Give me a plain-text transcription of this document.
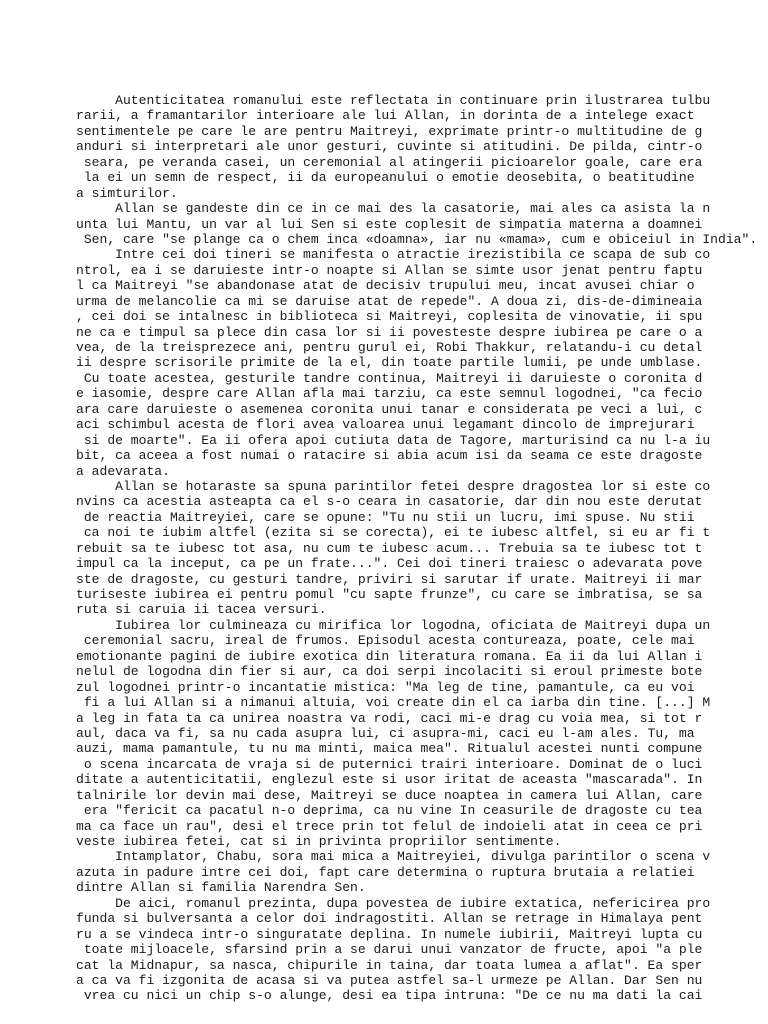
Autenticitatea romanului este reflectata in continuare prin ilustrarea tulbu
rarii, a framantarilor interioare ale lui Allan, in dorinta de a intelege exact
sentimentele pe care le are pentru Maitreyi, exprimate printr-o multitudine de g
anduri si interpretari ale unor gesturi, cuvinte si atitudini. De pilda, cintr-o
seara, pe veranda casei, un ceremonial al atingerii picioarelor goale, care era
la ei un semn de respect, ii da europeanului o emotie deosebita, o beatitudine
a simturilor.
Allan se gandeste din ce in ce mai des la casatorie, mai ales ca asista la n
unta lui Mantu, un var al lui Sen si este coplesit de simpatia materna a doamnei
Sen, care "se plange ca o chem inca «doamna», iar nu «mama», cum e obiceiul in India".
Intre cei doi tineri se manifesta o atractie irezistibila ce scapa de sub co
ntrol, ea i se daruieste intr-o noapte si Allan se simte usor jenat pentru faptu
l ca Maitreyi "se abandonase atat de decisiv trupului meu, incat avusei chiar o
urma de melancolie ca mi se daruise atat de repede". A doua zi, dis-de-dimineaia
, cei doi se intalnesc in biblioteca si Maitreyi, coplesita de vinovatie, ii spu
ne ca e timpul sa plece din casa lor si ii povesteste despre iubirea pe care o a
vea, de la treisprezece ani, pentru gurul ei, Robi Thakkur, relatandu-i cu detal
ii despre scrisorile primite de la el, din toate partile lumii, pe unde umblase.
Cu toate acestea, gesturile tandre continua, Maitreyi ii daruieste o coronita d
e iasomie, despre care Allan afla mai tarziu, ca este semnul logodnei, "ca fecio
ara care daruieste o asemenea coronita unui tanar e considerata pe veci a lui, c
aci schimbul acesta de flori avea valoarea unui legamant dincolo de imprejurari
si de moarte". Ea ii ofera apoi cutiuta data de Tagore, marturisind ca nu l-a iu
bit, ca aceea a fost numai o ratacire si abia acum isi da seama ce este dragoste
a adevarata.
Allan se hotaraste sa spuna parintilor fetei despre dragostea lor si este co
nvins ca acestia asteapta ca el s-o ceara in casatorie, dar din nou este derutat
de reactia Maitreyiei, care se opune: "Tu nu stii un lucru, imi spuse. Nu stii
ca noi te iubim altfel (ezita si se corecta), ei te iubesc altfel, si eu ar fi t
rebuit sa te iubesc tot asa, nu cum te iubesc acum... Trebuia sa te iubesc tot t
impul ca la inceput, ca pe un frate...". Cei doi tineri traiesc o adevarata pove
ste de dragoste, cu gesturi tandre, priviri si sarutar if urate. Maitreyi ii mar
turiseste iubirea ei pentru pomul "cu sapte frunze", cu care se imbratisa, se sa
ruta si caruia ii tacea versuri.
Iubirea lor culmineaza cu mirifica lor logodna, oficiata de Maitreyi dupa un
ceremonial sacru, ireal de frumos. Episodul acesta contureaza, poate, cele mai
emotionante pagini de iubire exotica din literatura romana. Ea ii da lui Allan i
nelul de logodna din fier si aur, ca doi serpi incolaciti si eroul primeste bote
zul logodnei printr-o incantatie mistica: "Ma leg de tine, pamantule, ca eu voi
fi a lui Allan si a nimanui altuia, voi create din el ca iarba din tine. [...] M
a leg in fata ta ca unirea noastra va rodi, caci mi-e drag cu voia mea, si tot r
aul, daca va fi, sa nu cada asupra lui, ci asupra-mi, caci eu l-am ales. Tu, ma
auzi, mama pamantule, tu nu ma minti, maica mea". Ritualul acestei nunti compune
o scena incarcata de vraja si de puternici trairi interioare. Dominat de o luci
ditate a autenticitatii, englezul este si usor iritat de aceasta "mascarada". In
talnirile lor devin mai dese, Maitreyi se duce noaptea in camera lui Allan, care
era "fericit ca pacatul n-o deprima, ca nu vine In ceasurile de dragoste cu tea
ma ca face un rau", desi el trece prin tot felul de indoieli atat in ceea ce pri
veste iubirea fetei, cat si in privinta propriilor sentimente.
Intamplator, Chabu, sora mai mica a Maitreyiei, divulga parintilor o scena v
azuta in padure intre cei doi, fapt care determina o ruptura brutaia a relatiei
dintre Allan si familia Narendra Sen.
De aici, romanul prezinta, dupa povestea de iubire extatica, nefericirea pro
funda si bulversanta a celor doi indragostiti. Allan se retrage in Himalaya pent
ru a se vindeca intr-o singuratate deplina. In numele iubirii, Maitreyi lupta cu
toate mijloacele, sfarsind prin a se darui unui vanzator de fructe, apoi "a ple
cat la Midnapur, sa nasca, chipurile in taina, dar toata lumea a aflat". Ea sper
a ca va fi izgonita de acasa si va putea astfel sa-l urmeze pe Allan. Dar Sen nu
vrea cu nici un chip s-o alunge, desi ea tipa intruna: "De ce nu ma dati la cai
